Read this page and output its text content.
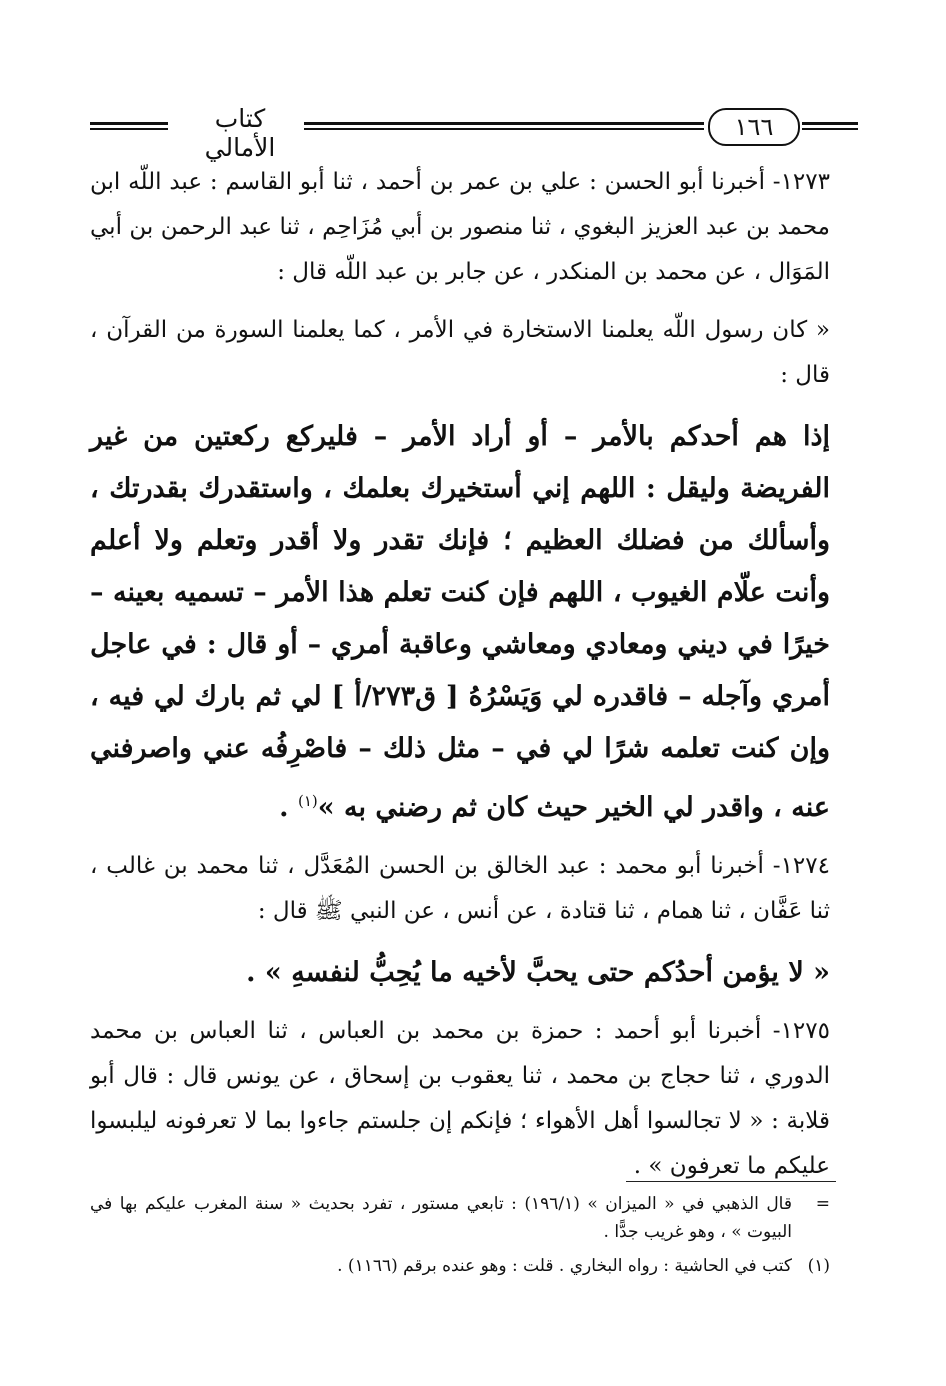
كتاب الأمالي
١٦٦

١٢٧٣- أخبرنا أبو الحسن : علي بن عمر بن أحمد ، ثنا أبو القاسم : عبد اللّه ابن محمد بن عبد العزيز البغوي ، ثنا منصور بن أبي مُزَاحِم ، ثنا عبد الرحمن بن أبي المَوَال ، عن محمد بن المنكدر ، عن جابر بن عبد اللّه قال :

« كان رسول اللّه يعلمنا الاستخارة في الأمر ، كما يعلمنا السورة من القرآن ، قال :

إذا هم أحدكم بالأمر – أو أراد الأمر – فليركع ركعتين من غير الفريضة وليقل : اللهم إني أستخيرك بعلمك ، واستقدرك بقدرتك ، وأسألك من فضلك العظيم ؛ فإنك تقدر ولا أقدر وتعلم ولا أعلم وأنت علّام الغيوب ، اللهم فإن كنت تعلم هذا الأمر – تسميه بعينه – خيرًا في ديني ومعادي ومعاشي وعاقبة أمري – أو قال : في عاجل أمري وآجله – فاقدره لي وَيَسْرُهُ [ ق٢٧٣/أ ] لي ثم بارك لي فيه ، وإن كنت تعلمه شرًا لي في – مثل ذلك – فاصْرِفُه عني واصرفني عنه ، واقدر لي الخير حيث كان ثم رضني به »$^{(١)}$ .

١٢٧٤- أخبرنا أبو محمد : عبد الخالق بن الحسن المُعَدَّل ، ثنا محمد بن غالب ، ثنا عَفَّان ، ثنا همام ، ثنا قتادة ، عن أنس ، عن النبي ﷺ قال :

« لا يؤمن أحدُكم حتى يحبَّ لأخيه ما يُحِبُّ لنفسهِ » .

١٢٧٥- أخبرنا أبو أحمد : حمزة بن محمد بن العباس ، ثنا العباس بن محمد الدوري ، ثنا حجاج بن محمد ، ثنا يعقوب بن إسحاق ، عن يونس قال : قال أبو قلابة : « لا تجالسوا أهل الأهواء ؛ فإنكم إن جلستم جاءوا بما لا تعرفونه ليلبسوا عليكم ما تعرفون » .

=
قال الذهبي في « الميزان » (١٩٦/١) : تابعي مستور ، تفرد بحديث « سنة المغرب عليكم بها في البيوت » ، وهو غريب جدًّا .
(١)
كتب في الحاشية : رواه البخاري . قلت : وهو عنده برقم (١١٦٦) .
